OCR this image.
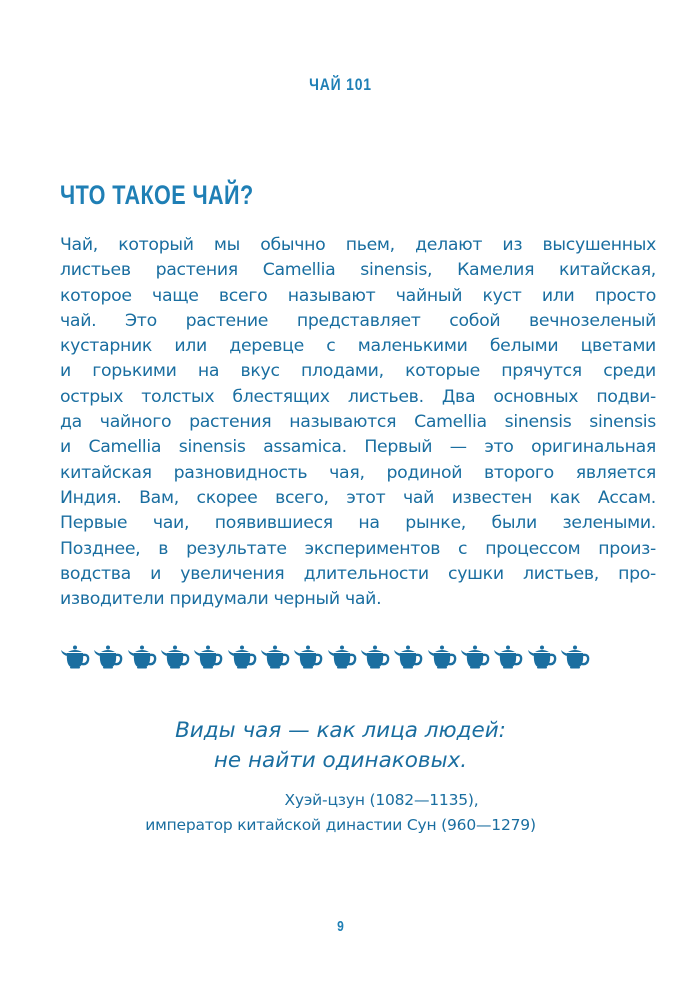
ЧАЙ 101
ЧТО ТАКОЕ ЧАЙ?
Чай, который мы обычно пьем, делают из высушенных
листьев растения Camellia sinensis, Камелия китайская,
которое чаще всего называют чайный куст или просто
чай. Это растение представляет собой вечнозеленый
кустарник или деревце с маленькими белыми цветами
и горькими на вкус плодами, которые прячутся среди
острых толстых блестящих листьев. Два основных подви-
да чайного растения называются Camellia sinensis sinensis
и Camellia sinensis assamica. Первый — это оригинальная
китайская разновидность чая, родиной второго является
Индия. Вам, скорее всего, этот чай известен как Ассам.
Первые чаи, появившиеся на рынке, были зелеными.
Позднее, в результате экспериментов с процессом произ-
водства и увеличения длительности сушки листьев, про-
изводители придумали черный чай.
Виды чая — как лица людей:
не найти одинаковых.
Хуэй-цзун (1082—1135),
император китайской династии Сун (960—1279)
9
